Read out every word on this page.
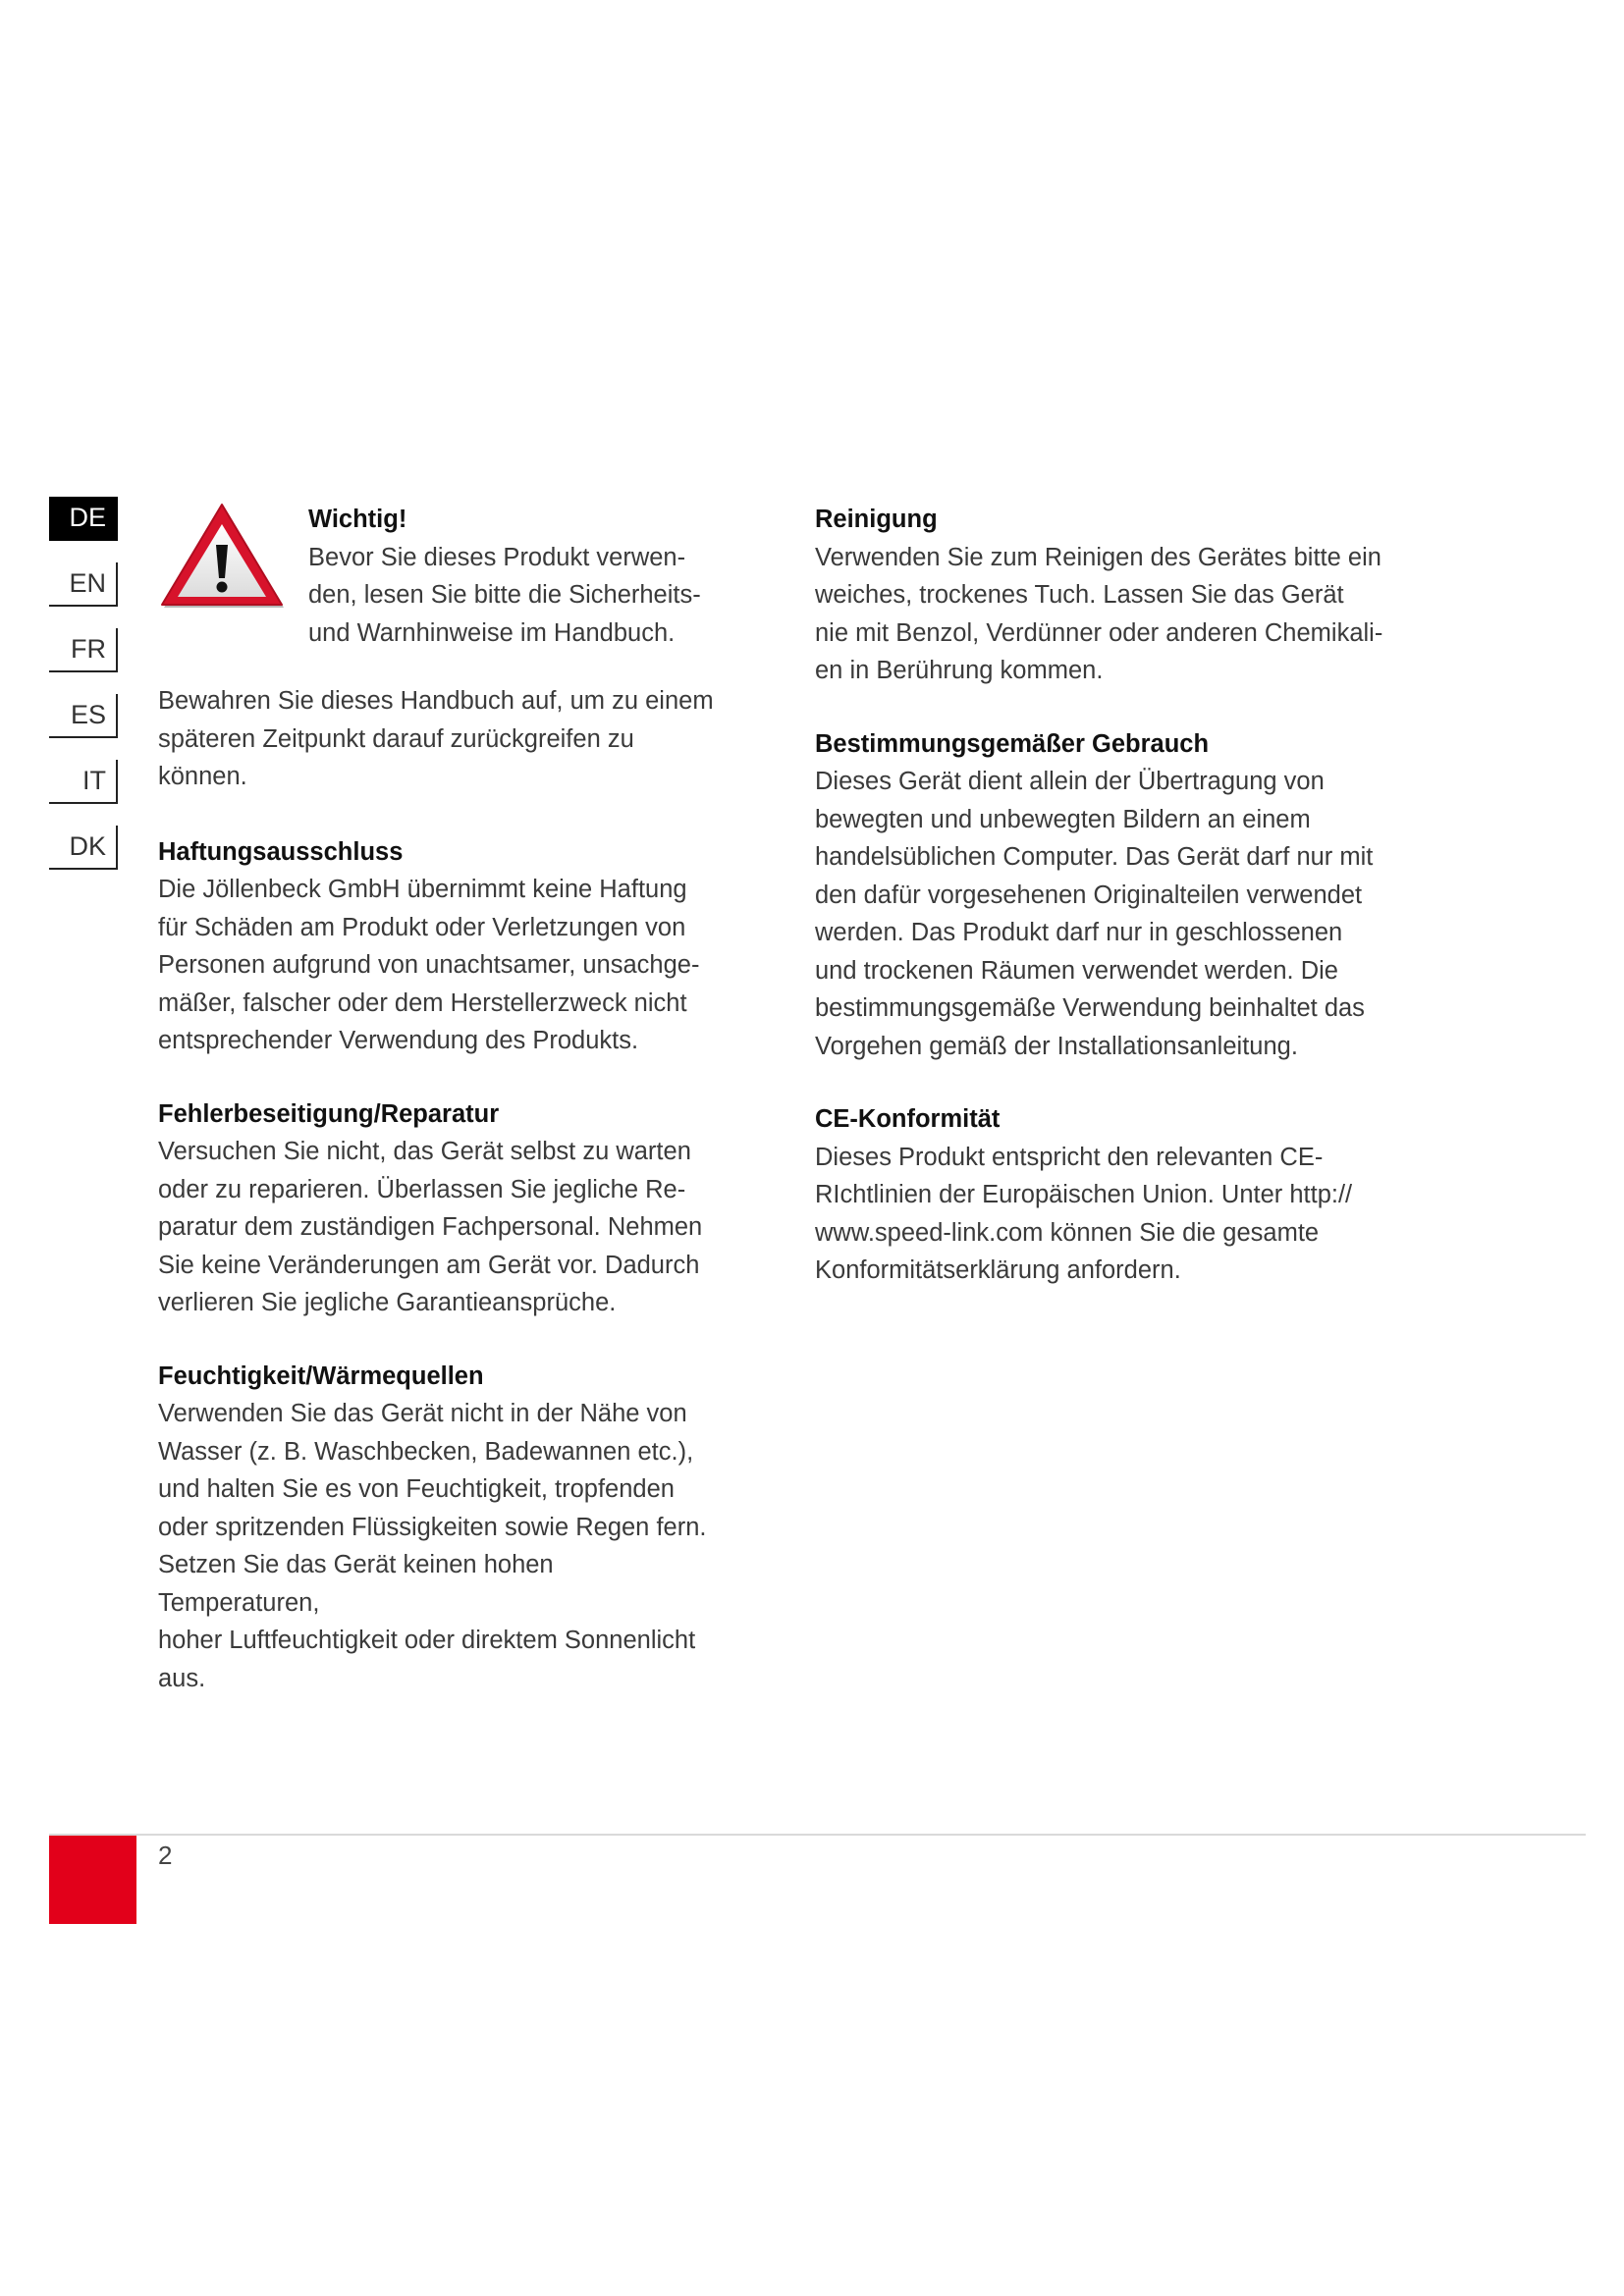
DE
EN
FR
ES
IT
DK
Wichtig!

Bevor Sie dieses Produkt verwen-
den, lesen Sie bitte die Sicherheits-
und Warnhinweise im Handbuch.

Bewahren Sie dieses Handbuch auf, um zu einem
späteren Zeitpunkt darauf zurückgreifen zu können.

Haftungsausschluss

Die Jöllenbeck GmbH übernimmt keine Haftung
für Schäden am Produkt oder Verletzungen von
Personen aufgrund von unachtsamer, unsachge-
mäßer, falscher oder dem Herstellerzweck nicht
entsprechender Verwendung des Produkts.

Fehlerbeseitigung/Reparatur

Versuchen Sie nicht, das Gerät selbst zu warten
oder zu reparieren. Überlassen Sie jegliche Re-
paratur dem zuständigen Fachpersonal. Nehmen
Sie keine Veränderungen am Gerät vor. Dadurch
verlieren Sie jegliche Garantieansprüche.

Feuchtigkeit/Wärmequellen

Verwenden Sie das Gerät nicht in der Nähe von
Wasser (z. B. Waschbecken, Badewannen etc.),
und halten Sie es von Feuchtigkeit, tropfenden
oder spritzenden Flüssigkeiten sowie Regen fern.
Setzen Sie das Gerät keinen hohen Temperaturen,
hoher Luftfeuchtigkeit oder direktem Sonnenlicht
aus.

Reinigung

Verwenden Sie zum Reinigen des Gerätes bitte ein
weiches, trockenes Tuch. Lassen Sie das Gerät
nie mit Benzol, Verdünner oder anderen Chemikali-
en in Berührung kommen.

Bestimmungsgemäßer Gebrauch

Dieses Gerät dient allein der Übertragung von
bewegten und unbewegten Bildern an einem
handelsüblichen Computer. Das Gerät darf nur mit
den dafür vorgesehenen Originalteilen verwendet
werden. Das Produkt darf nur in geschlossenen
und trockenen Räumen verwendet werden. Die
bestimmungsgemäße Verwendung beinhaltet das
Vorgehen gemäß der Installationsanleitung.

CE-Konformität

Dieses Produkt entspricht den relevanten CE-
RIchtlinien der Europäischen Union. Unter http://
www.speed-link.com können Sie die gesamte
Konformitätserklärung anfordern.

2
